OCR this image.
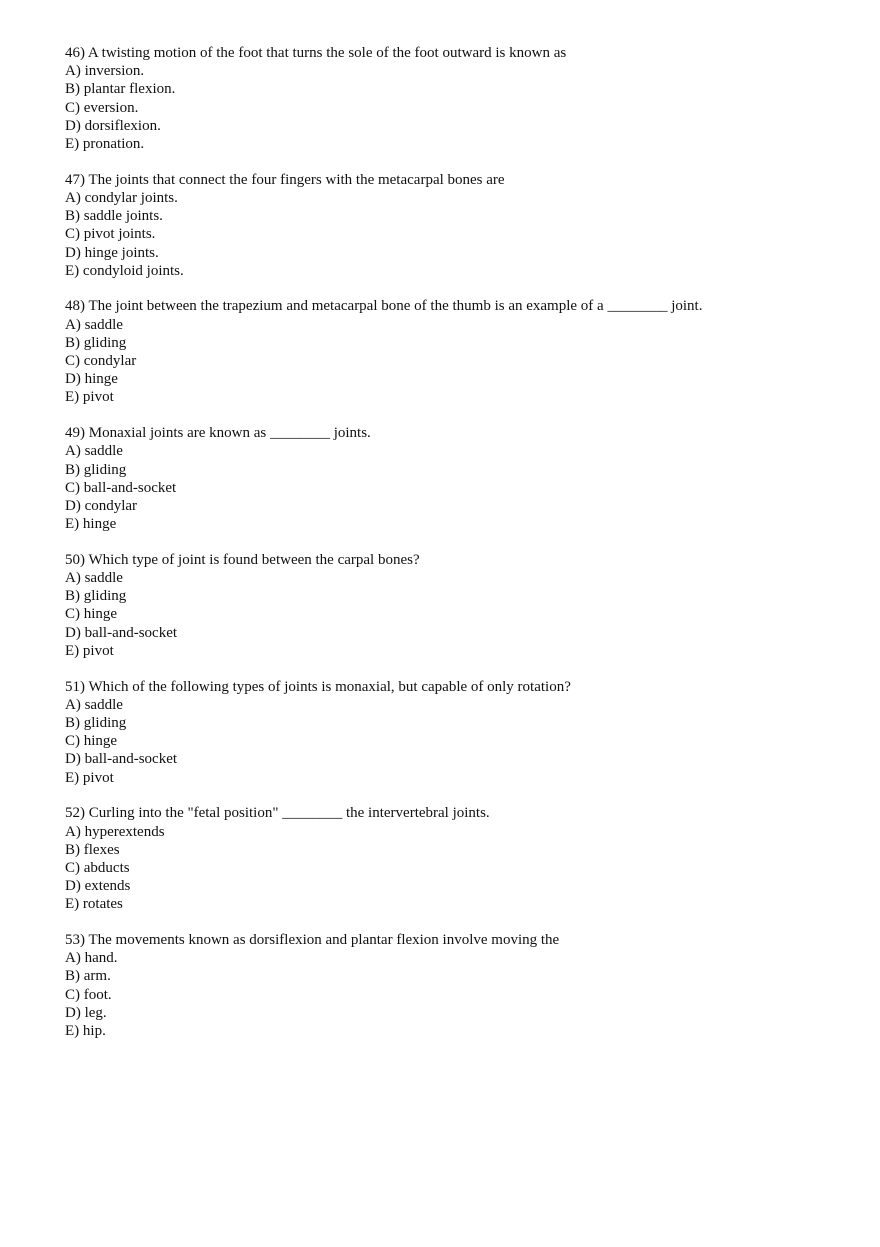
46) A twisting motion of the foot that turns the sole of the foot outward is known as
A) inversion.
B) plantar flexion.
C) eversion.
D) dorsiflexion.
E) pronation.
47) The joints that connect the four fingers with the metacarpal bones are
A) condylar joints.
B) saddle joints.
C) pivot joints.
D) hinge joints.
E) condyloid joints.
48) The joint between the trapezium and metacarpal bone of the thumb is an example of a ________ joint.
A) saddle
B) gliding
C) condylar
D) hinge
E) pivot
49) Monaxial joints are known as ________ joints.
A) saddle
B) gliding
C) ball-and-socket
D) condylar
E) hinge
50) Which type of joint is found between the carpal bones?
A) saddle
B) gliding
C) hinge
D) ball-and-socket
E) pivot
51) Which of the following types of joints is monaxial, but capable of only rotation?
A) saddle
B) gliding
C) hinge
D) ball-and-socket
E) pivot
52) Curling into the "fetal position" ________ the intervertebral joints.
A) hyperextends
B) flexes
C) abducts
D) extends
E) rotates
53) The movements known as dorsiflexion and plantar flexion involve moving the
A) hand.
B) arm.
C) foot.
D) leg.
E) hip.
